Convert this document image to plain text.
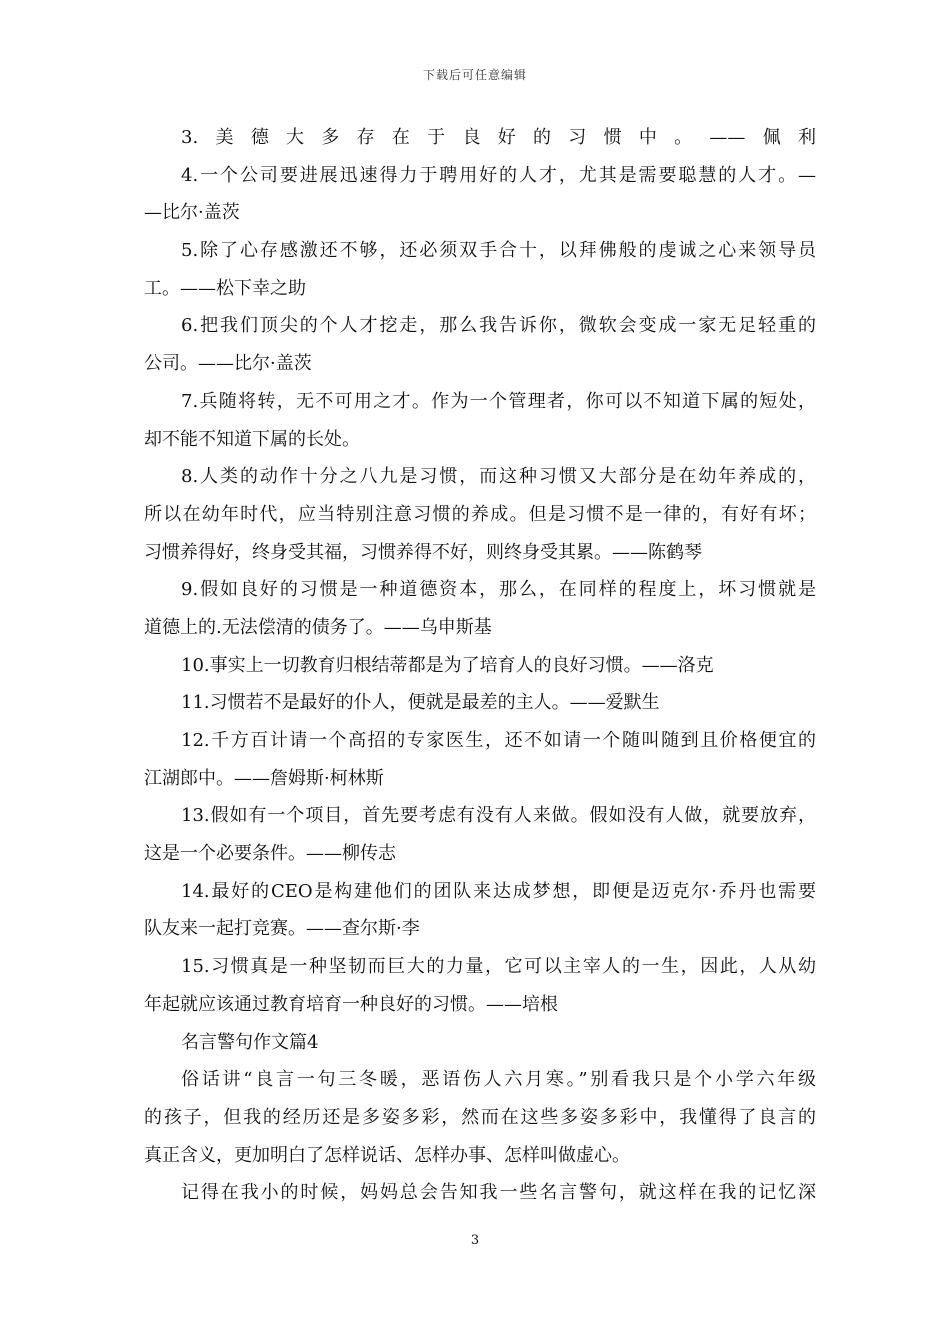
下载后可任意编辑
3.美德大多存在于良好的习惯中。——佩利
4.一个公司要进展迅速得力于聘用好的人才，尤其是需要聪慧的人才。—
—比尔·盖茨
5.除了心存感激还不够，还必须双手合十，以拜佛般的虔诚之心来领导员
工。——松下幸之助
6.把我们顶尖的个人才挖走，那么我告诉你，微软会变成一家无足轻重的
公司。——比尔·盖茨
7.兵随将转，无不可用之才。作为一个管理者，你可以不知道下属的短处，
却不能不知道下属的长处。
8.人类的动作十分之八九是习惯，而这种习惯又大部分是在幼年养成的，
所以在幼年时代，应当特别注意习惯的养成。但是习惯不是一律的，有好有坏；
习惯养得好，终身受其福，习惯养得不好，则终身受其累。——陈鹤琴
9.假如良好的习惯是一种道德资本，那么，在同样的程度上，坏习惯就是
道德上的.无法偿清的债务了。——乌申斯基
10.事实上一切教育归根结蒂都是为了培育人的良好习惯。——洛克
11.习惯若不是最好的仆人，便就是最差的主人。——爱默生
12.千方百计请一个高招的专家医生，还不如请一个随叫随到且价格便宜的
江湖郎中。——詹姆斯·柯林斯
13.假如有一个项目，首先要考虑有没有人来做。假如没有人做，就要放弃，
这是一个必要条件。——柳传志
14.最好的CEO是构建他们的团队来达成梦想，即便是迈克尔·乔丹也需要
队友来一起打竞赛。——查尔斯·李
15.习惯真是一种坚韧而巨大的力量，它可以主宰人的一生，因此，人从幼
年起就应该通过教育培育一种良好的习惯。——培根
名言警句作文篇4
俗话讲“良言一句三冬暖，恶语伤人六月寒。”别看我只是个小学六年级
的孩子，但我的经历还是多姿多彩，然而在这些多姿多彩中，我懂得了良言的
真正含义，更加明白了怎样说话、怎样办事、怎样叫做虚心。
记得在我小的时候，妈妈总会告知我一些名言警句，就这样在我的记忆深
3
